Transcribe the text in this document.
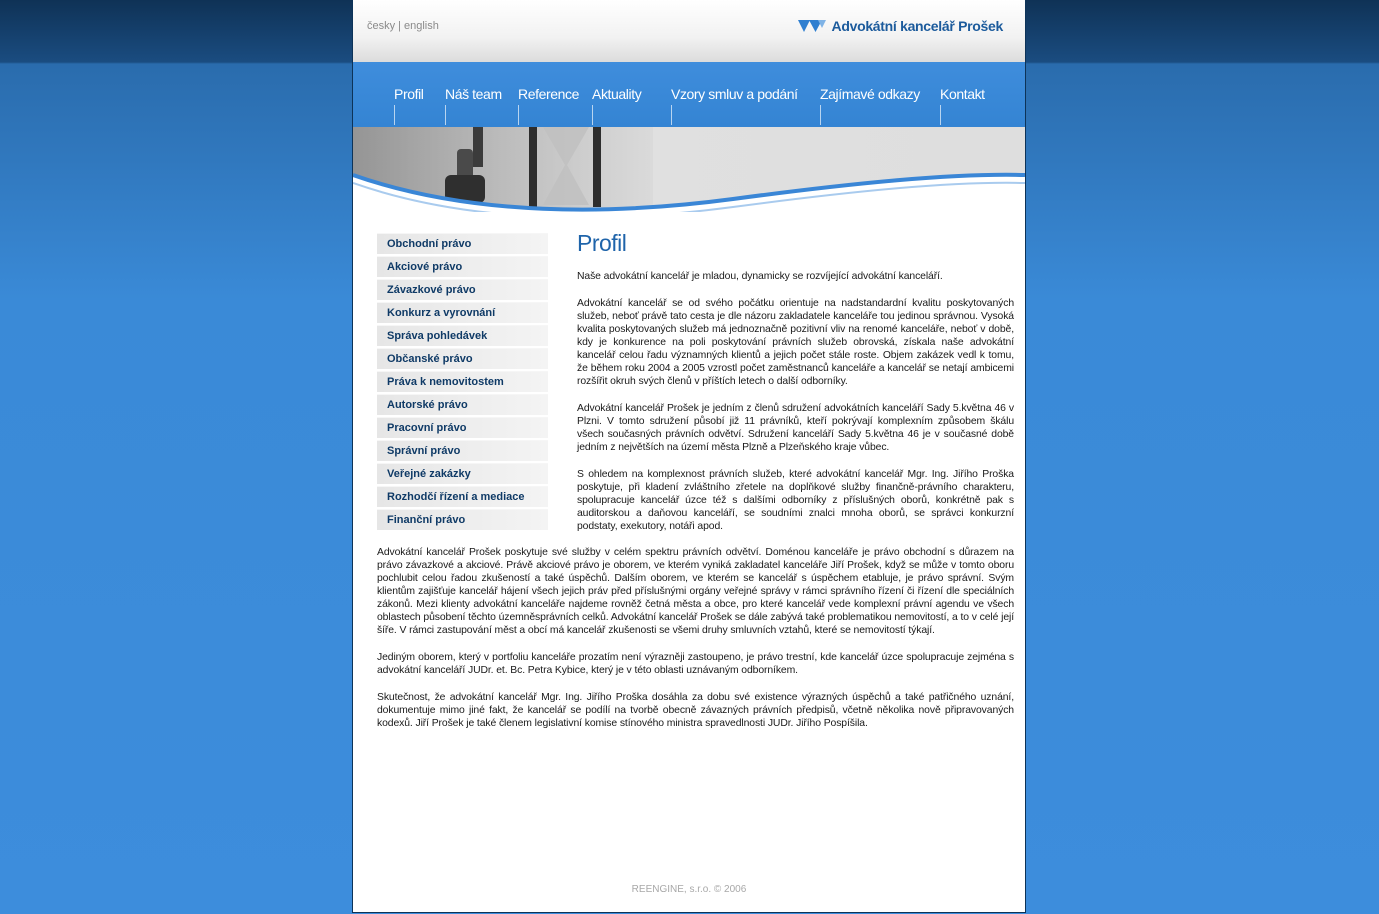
česky | english	Advokátní kancelář Prošek
Profil Náš team Reference Aktuality Vzory smluv a podání Zajímavé odkazy Kontakt
Obchodní právo
Akciové právo
Závazkové právo
Konkurz a vyrovnání
Správa pohledávek
Občanské právo
Práva k nemovitostem
Autorské právo
Pracovní právo
Správní právo
Veřejné zakázky
Rozhodčí řízení a mediace
Finanční právo
Profil

Naše advokátní kancelář je mladou, dynamicky se rozvíjející advokátní kanceláří.

Advokátní kancelář se od svého počátku orientuje na nadstandardní kvalitu poskytovaných služeb, neboť právě tato cesta je dle názoru zakladatele kanceláře tou jedinou správnou. Vysoká kvalita poskytovaných služeb má jednoznačně pozitivní vliv na renomé kanceláře, neboť v době, kdy je konkurence na poli poskytování právních služeb obrovská, získala naše advokátní kancelář celou řadu významných klientů a jejich počet stále roste. Objem zakázek vedl k tomu, že během roku 2004 a 2005 vzrostl počet zaměstnanců kanceláře a kancelář se netají ambicemi rozšířit okruh svých členů v příštích letech o další odborníky.

Advokátní kancelář Prošek je jedním z členů sdružení advokátních kanceláří Sady 5.května 46 v Plzni. V tomto sdružení působí již 11 právníků, kteří pokrývají komplexním způsobem škálu všech současných právních odvětví. Sdružení kanceláří Sady 5.května 46 je v současné době jedním z největších na území města Plzně a Plzeňského kraje vůbec.

S ohledem na komplexnost právních služeb, které advokátní kancelář Mgr. Ing. Jiřího Proška poskytuje, při kladení zvláštního zřetele na doplňkové služby finančně-právního charakteru, spolupracuje kancelář úzce též s dalšími odborníky z příslušných oborů, konkrétně pak s auditorskou a daňovou kanceláří, se soudními znalci mnoha oborů, se správci konkurzní podstaty, exekutory, notáři apod.

Advokátní kancelář Prošek poskytuje své služby v celém spektru právních odvětví. Doménou kanceláře je právo obchodní s důrazem na právo závazkové a akciové. Právě akciové právo je oborem, ve kterém vyniká zakladatel kanceláře Jiří Prošek, když se může v tomto oboru pochlubit celou řadou zkušeností a také úspěchů. Dalším oborem, ve kterém se kancelář s úspěchem etabluje, je právo správní. Svým klientům zajišťuje kancelář hájení všech jejich práv před příslušnými orgány veřejné správy v rámci správního řízení či řízení dle speciálních zákonů. Mezi klienty advokátní kanceláře najdeme rovněž četná města a obce, pro které kancelář vede komplexní právní agendu ve všech oblastech působení těchto územněsprávních celků. Advokátní kancelář Prošek se dále zabývá také problematikou nemovitostí, a to v celé její šíře. V rámci zastupování měst a obcí má kancelář zkušenosti se všemi druhy smluvních vztahů, které se nemovitostí týkají.

Jediným oborem, který v portfoliu kanceláře prozatím není výrazněji zastoupeno, je právo trestní, kde kancelář úzce spolupracuje zejména s advokátní kanceláří JUDr. et. Bc. Petra Kybice, který je v této oblasti uznávaným odborníkem.

Skutečnost, že advokátní kancelář Mgr. Ing. Jiřího Proška dosáhla za dobu své existence výrazných úspěchů a také patřičného uznání, dokumentuje mimo jiné fakt, že kancelář se podílí na tvorbě obecně závazných právních předpisů, včetně několika nově připravovaných kodexů. Jiří Prošek je také členem legislativní komise stínového ministra spravedlnosti JUDr. Jiřího Pospíšila.

REENGINE, s.r.o. © 2006
